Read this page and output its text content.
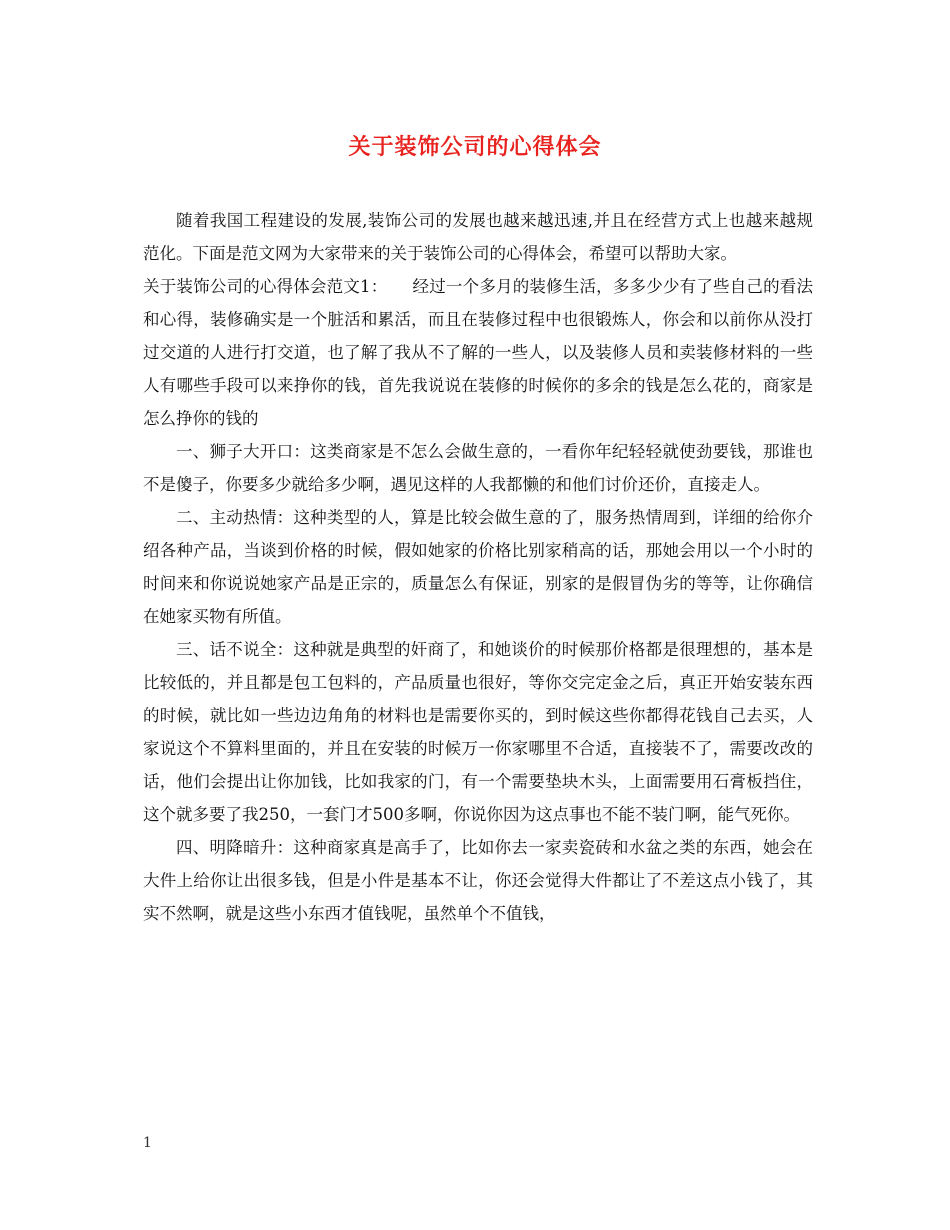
关于装饰公司的心得体会

随着我国工程建设的发展,装饰公司的发展也越来越迅速,并且在经营方式上也越来越规范化。下面是范文网为大家带来的关于装饰公司的心得体会，希望可以帮助大家。

关于装饰公司的心得体会范文1：　　经过一个多月的装修生活，多多少少有了些自己的看法和心得，装修确实是一个脏活和累活，而且在装修过程中也很锻炼人，你会和以前你从没打过交道的人进行打交道，也了解了我从不了解的一些人，以及装修人员和卖装修材料的一些人有哪些手段可以来挣你的钱，首先我说说在装修的时候你的多余的钱是怎么花的，商家是怎么挣你的钱的

一、狮子大开口：这类商家是不怎么会做生意的，一看你年纪轻轻就使劲要钱，那谁也不是傻子，你要多少就给多少啊，遇见这样的人我都懒的和他们讨价还价，直接走人。

二、主动热情：这种类型的人，算是比较会做生意的了，服务热情周到，详细的给你介绍各种产品，当谈到价格的时候，假如她家的价格比别家稍高的话，那她会用以一个小时的时间来和你说说她家产品是正宗的，质量怎么有保证，别家的是假冒伪劣的等等，让你确信在她家买物有所值。

三、话不说全：这种就是典型的奸商了，和她谈价的时候那价格都是很理想的，基本是比较低的，并且都是包工包料的，产品质量也很好，等你交完定金之后，真正开始安装东西的时候，就比如一些边边角角的材料也是需要你买的，到时候这些你都得花钱自己去买，人家说这个不算料里面的，并且在安装的时候万一你家哪里不合适，直接装不了，需要改改的话，他们会提出让你加钱，比如我家的门，有一个需要垫块木头，上面需要用石膏板挡住，这个就多要了我250，一套门才500多啊，你说你因为这点事也不能不装门啊，能气死你。

四、明降暗升：这种商家真是高手了，比如你去一家卖瓷砖和水盆之类的东西，她会在大件上给你让出很多钱，但是小件是基本不让，你还会觉得大件都让了不差这点小钱了，其实不然啊，就是这些小东西才值钱呢，虽然单个不值钱，

1
